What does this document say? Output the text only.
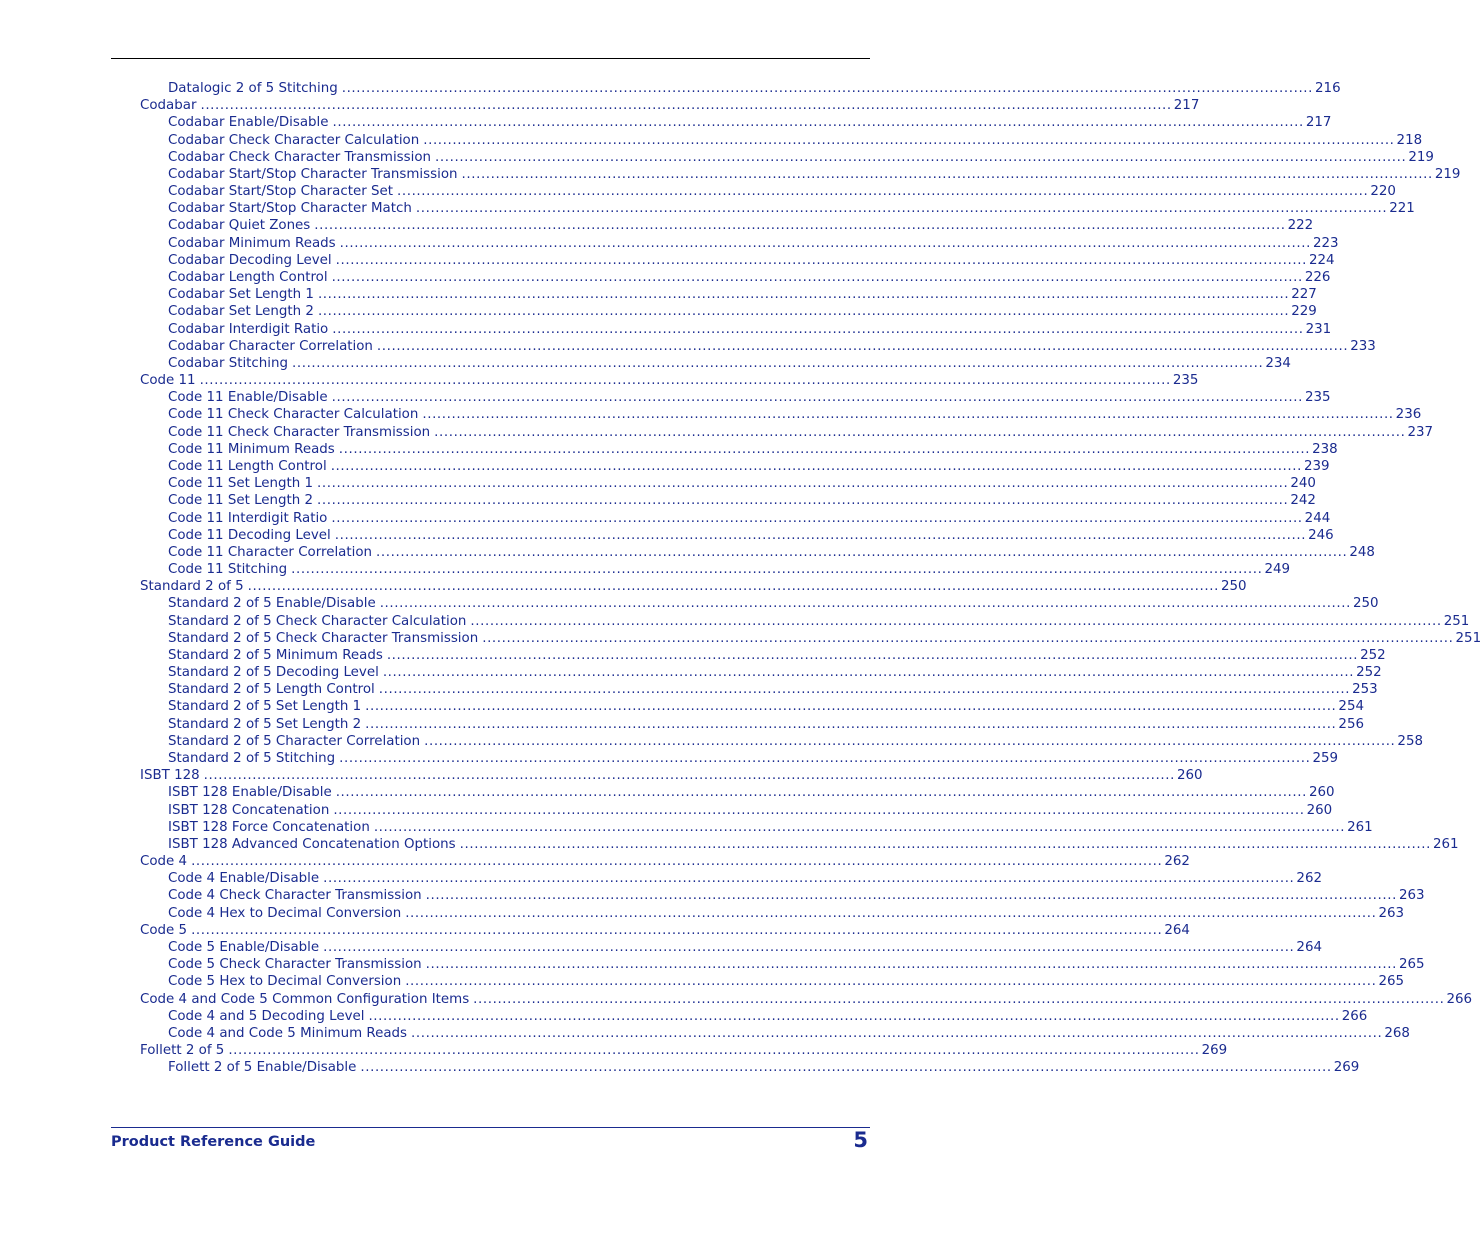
Datalogic 2 of 5 Stitching ........................................................................................................................................................................................................ 216
Codabar ........................................................................................................................................................................................................ 217
Codabar Enable/Disable ........................................................................................................................................................................................................ 217
Codabar Check Character Calculation ........................................................................................................................................................................................................ 218
Codabar Check Character Transmission ........................................................................................................................................................................................................ 219
Codabar Start/Stop Character Transmission ........................................................................................................................................................................................................ 219
Codabar Start/Stop Character Set ........................................................................................................................................................................................................ 220
Codabar Start/Stop Character Match ........................................................................................................................................................................................................ 221
Codabar Quiet Zones ........................................................................................................................................................................................................ 222
Codabar Minimum Reads ........................................................................................................................................................................................................ 223
Codabar Decoding Level ........................................................................................................................................................................................................ 224
Codabar Length Control ........................................................................................................................................................................................................ 226
Codabar Set Length 1 ........................................................................................................................................................................................................ 227
Codabar Set Length 2 ........................................................................................................................................................................................................ 229
Codabar Interdigit Ratio ........................................................................................................................................................................................................ 231
Codabar Character Correlation ........................................................................................................................................................................................................ 233
Codabar Stitching ........................................................................................................................................................................................................ 234
Code 11 ........................................................................................................................................................................................................ 235
Code 11 Enable/Disable ........................................................................................................................................................................................................ 235
Code 11 Check Character Calculation ........................................................................................................................................................................................................ 236
Code 11 Check Character Transmission ........................................................................................................................................................................................................ 237
Code 11 Minimum Reads ........................................................................................................................................................................................................ 238
Code 11 Length Control ........................................................................................................................................................................................................ 239
Code 11 Set Length 1 ........................................................................................................................................................................................................ 240
Code 11 Set Length 2 ........................................................................................................................................................................................................ 242
Code 11 Interdigit Ratio ........................................................................................................................................................................................................ 244
Code 11 Decoding Level ........................................................................................................................................................................................................ 246
Code 11 Character Correlation ........................................................................................................................................................................................................ 248
Code 11 Stitching ........................................................................................................................................................................................................ 249
Standard 2 of 5 ........................................................................................................................................................................................................ 250
Standard 2 of 5 Enable/Disable ........................................................................................................................................................................................................ 250
Standard 2 of 5 Check Character Calculation ........................................................................................................................................................................................................ 251
Standard 2 of 5 Check Character Transmission ........................................................................................................................................................................................................ 251
Standard 2 of 5 Minimum Reads ........................................................................................................................................................................................................ 252
Standard 2 of 5 Decoding Level ........................................................................................................................................................................................................ 252
Standard 2 of 5 Length Control ........................................................................................................................................................................................................ 253
Standard 2 of 5 Set Length 1 ........................................................................................................................................................................................................ 254
Standard 2 of 5 Set Length 2 ........................................................................................................................................................................................................ 256
Standard 2 of 5 Character Correlation ........................................................................................................................................................................................................ 258
Standard 2 of 5 Stitching ........................................................................................................................................................................................................ 259
ISBT 128 ........................................................................................................................................................................................................ 260
ISBT 128 Enable/Disable ........................................................................................................................................................................................................ 260
ISBT 128 Concatenation ........................................................................................................................................................................................................ 260
ISBT 128 Force Concatenation ........................................................................................................................................................................................................ 261
ISBT 128 Advanced Concatenation Options ........................................................................................................................................................................................................ 261
Code 4 ........................................................................................................................................................................................................ 262
Code 4 Enable/Disable ........................................................................................................................................................................................................ 262
Code 4 Check Character Transmission ........................................................................................................................................................................................................ 263
Code 4 Hex to Decimal Conversion ........................................................................................................................................................................................................ 263
Code 5 ........................................................................................................................................................................................................ 264
Code 5 Enable/Disable ........................................................................................................................................................................................................ 264
Code 5 Check Character Transmission ........................................................................................................................................................................................................ 265
Code 5 Hex to Decimal Conversion ........................................................................................................................................................................................................ 265
Code 4 and Code 5 Common Configuration Items ........................................................................................................................................................................................................ 266
Code 4 and 5 Decoding Level ........................................................................................................................................................................................................ 266
Code 4 and Code 5 Minimum Reads ........................................................................................................................................................................................................ 268
Follett 2 of 5 ........................................................................................................................................................................................................ 269
Follett 2 of 5 Enable/Disable ........................................................................................................................................................................................................ 269
Product Reference Guide	5
